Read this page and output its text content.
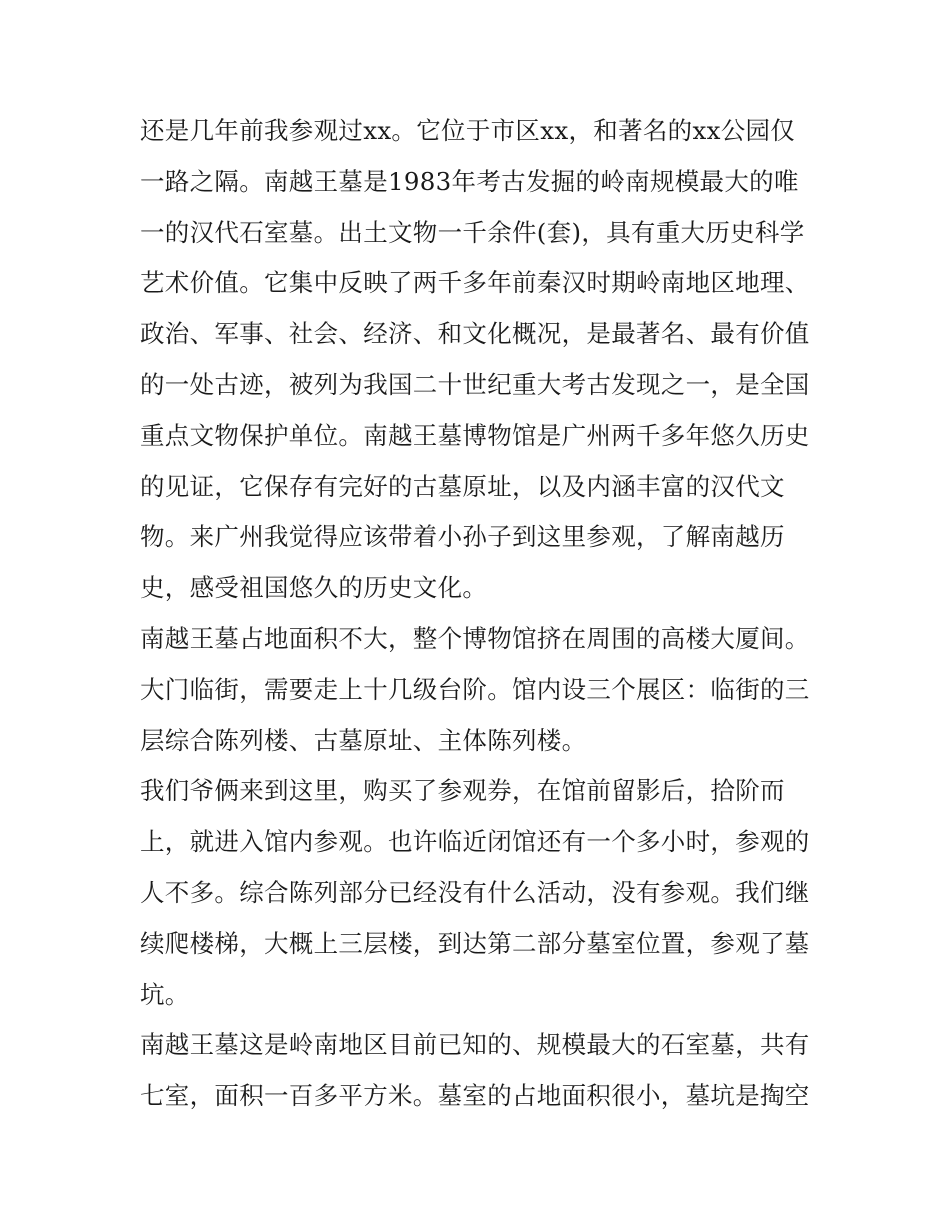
还是几年前我参观过xx。它位于市区xx，和著名的xx公园仅
一路之隔。南越王墓是1983年考古发掘的岭南规模最大的唯
一的汉代石室墓。出土文物一千余件(套)，具有重大历史科学
艺术价值。它集中反映了两千多年前秦汉时期岭南地区地理、
政治、军事、社会、经济、和文化概况，是最著名、最有价值
的一处古迹，被列为我国二十世纪重大考古发现之一，是全国
重点文物保护单位。南越王墓博物馆是广州两千多年悠久历史
的见证，它保存有完好的古墓原址，以及内涵丰富的汉代文
物。来广州我觉得应该带着小孙子到这里参观，了解南越历
史，感受祖国悠久的历史文化。
南越王墓占地面积不大，整个博物馆挤在周围的高楼大厦间。
大门临街，需要走上十几级台阶。馆内设三个展区：临街的三
层综合陈列楼、古墓原址、主体陈列楼。
我们爷俩来到这里，购买了参观券，在馆前留影后，拾阶而
上，就进入馆内参观。也许临近闭馆还有一个多小时，参观的
人不多。综合陈列部分已经没有什么活动，没有参观。我们继
续爬楼梯，大概上三层楼，到达第二部分墓室位置，参观了墓
坑。
南越王墓这是岭南地区目前已知的、规模最大的石室墓，共有
七室，面积一百多平方米。墓室的占地面积很小，墓坑是掏空
